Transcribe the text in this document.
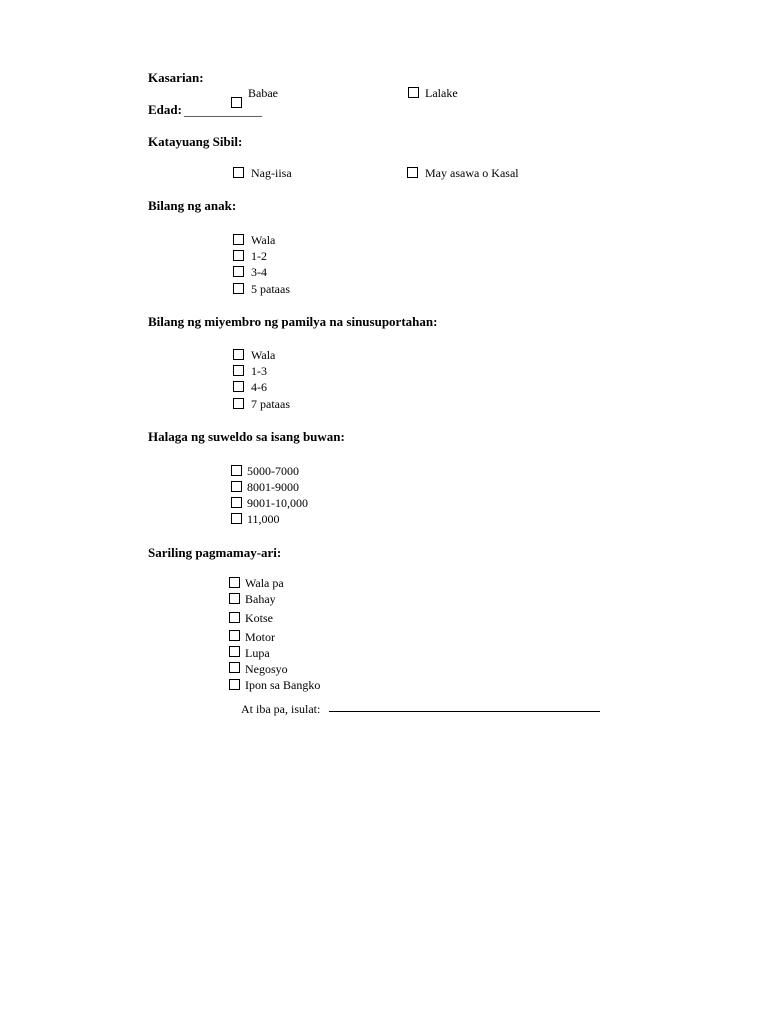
Kasarian:
Babae	Lalake
Edad: ____________
Katayuang Sibil:
Nag-iisa	May asawa o Kasal
Bilang ng anak:
Wala
1-2
3-4
5 pataas
Bilang ng miyembro ng pamilya na sinusuportahan:
Wala
1-3
4-6
7 pataas
Halaga ng suweldo sa isang buwan:
5000-7000
8001-9000
9001-10,000
11,000
Sariling pagmamay-ari:
Wala pa
Bahay
Kotse
Motor
Lupa
Negosyo
Ipon sa Bangko
At iba pa, isulat:
